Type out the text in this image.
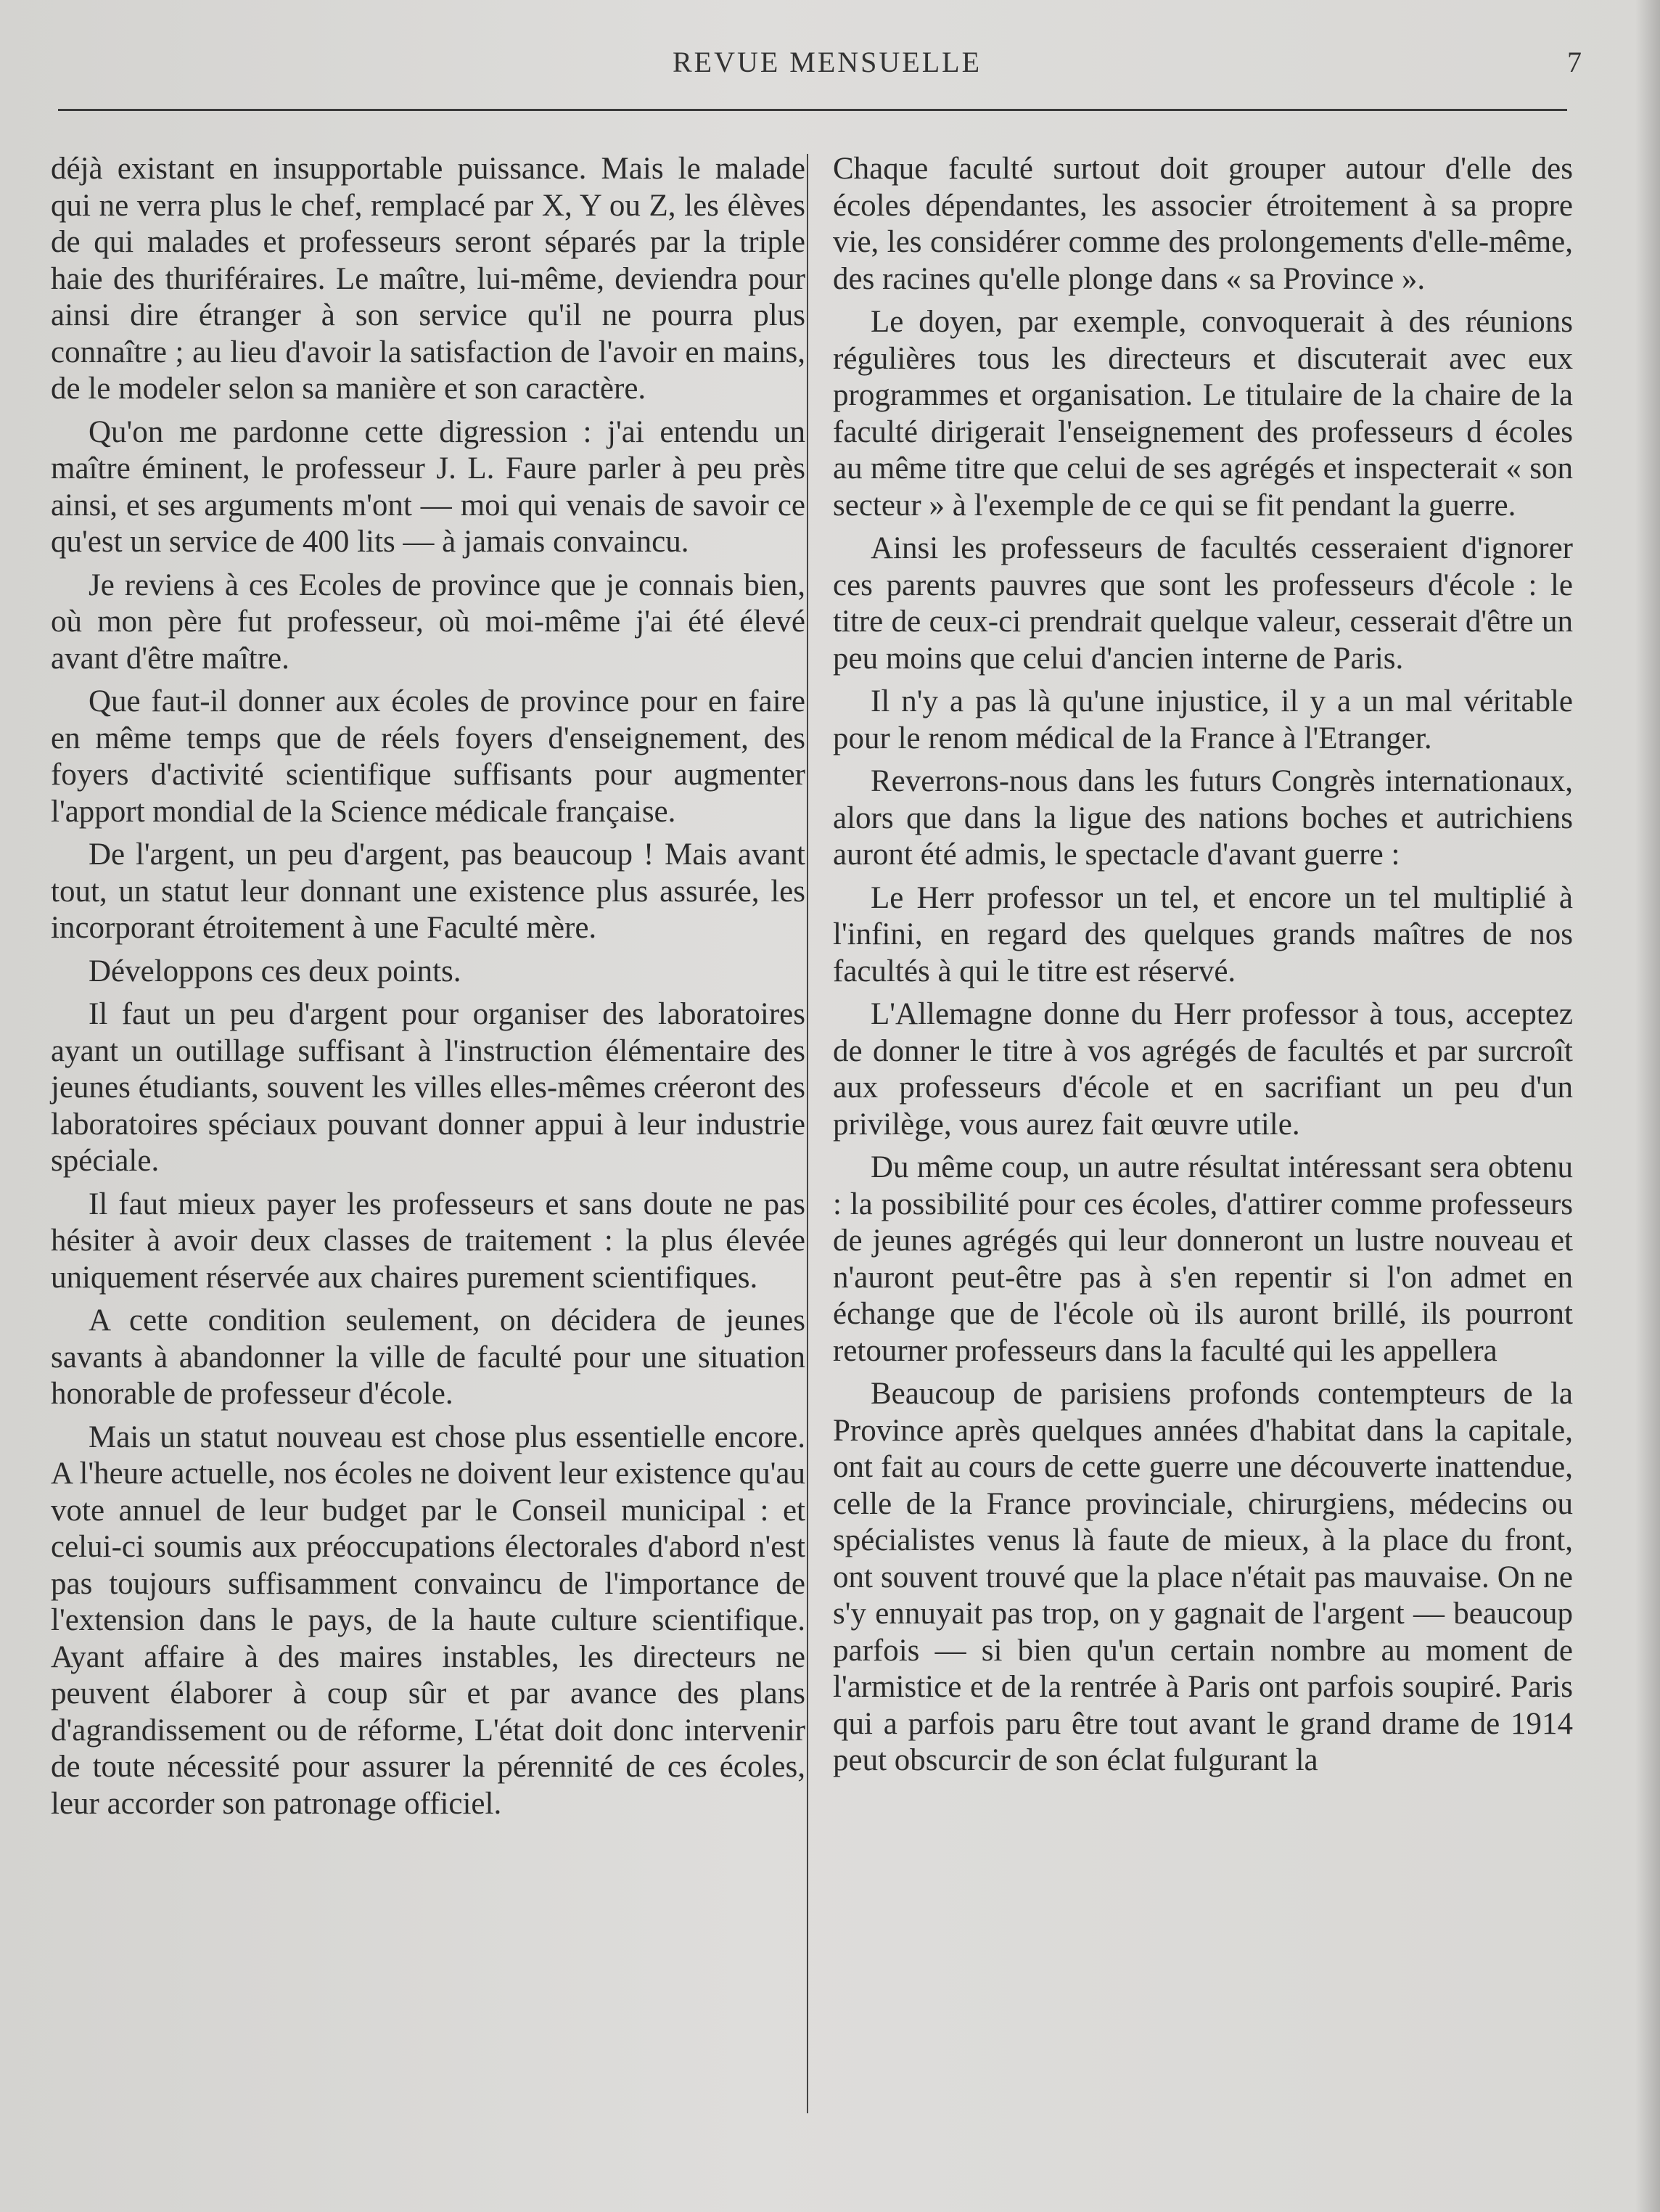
REVUE MENSUELLE	7

déjà existant en insupportable puissance. Mais le malade qui ne verra plus le chef, remplacé par X, Y ou Z, les élèves de qui malades et professeurs seront séparés par la triple haie des thuriféraires. Le maître, lui-même, deviendra pour ainsi dire étranger à son service qu'il ne pourra plus connaître ; au lieu d'avoir la satisfaction de l'avoir en mains, de le modeler selon sa manière et son caractère.

Qu'on me pardonne cette digression : j'ai entendu un maître éminent, le professeur J. L. Faure parler à peu près ainsi, et ses arguments m'ont — moi qui venais de savoir ce qu'est un service de 400 lits — à jamais convaincu.

Je reviens à ces Ecoles de province que je connais bien, où mon père fut professeur, où moi-même j'ai été élevé avant d'être maître.

Que faut-il donner aux écoles de province pour en faire en même temps que de réels foyers d'enseignement, des foyers d'activité scientifique suffisants pour augmenter l'apport mondial de la Science médicale française.

De l'argent, un peu d'argent, pas beaucoup ! Mais avant tout, un statut leur donnant une existence plus assurée, les incorporant étroitement à une Faculté mère.

Développons ces deux points.

Il faut un peu d'argent pour organiser des laboratoires ayant un outillage suffisant à l'instruction élémentaire des jeunes étudiants, souvent les villes elles-mêmes créeront des laboratoires spéciaux pouvant donner appui à leur industrie spéciale.

Il faut mieux payer les professeurs et sans doute ne pas hésiter à avoir deux classes de traitement : la plus élevée uniquement réservée aux chaires purement scientifiques.

A cette condition seulement, on décidera de jeunes savants à abandonner la ville de faculté pour une situation honorable de professeur d'école.

Mais un statut nouveau est chose plus essentielle encore. A l'heure actuelle, nos écoles ne doivent leur existence qu'au vote annuel de leur budget par le Conseil municipal : et celui-ci soumis aux préoccupations électorales d'abord n'est pas toujours suffisamment convaincu de l'importance de l'extension dans le pays, de la haute culture scientifique. Ayant affaire à des maires instables, les directeurs ne peuvent élaborer à coup sûr et par avance des plans d'agrandissement ou de réforme, L'état doit donc intervenir de toute nécessité pour assurer la pérennité de ces écoles, leur accorder son patronage officiel.

Chaque faculté surtout doit grouper autour d'elle des écoles dépendantes, les associer étroitement à sa propre vie, les considérer comme des prolongements d'elle-même, des racines qu'elle plonge dans « sa Province ».

Le doyen, par exemple, convoquerait à des réunions régulières tous les directeurs et discuterait avec eux programmes et organisation. Le titulaire de la chaire de la faculté dirigerait l'enseignement des professeurs d écoles au même titre que celui de ses agrégés et inspecterait « son secteur » à l'exemple de ce qui se fit pendant la guerre.

Ainsi les professeurs de facultés cesseraient d'ignorer ces parents pauvres que sont les professeurs d'école : le titre de ceux-ci prendrait quelque valeur, cesserait d'être un peu moins que celui d'ancien interne de Paris.

Il n'y a pas là qu'une injustice, il y a un mal véritable pour le renom médical de la France à l'Etranger.

Reverrons-nous dans les futurs Congrès internationaux, alors que dans la ligue des nations boches et autrichiens auront été admis, le spectacle d'avant guerre :

Le Herr professor un tel, et encore un tel multiplié à l'infini, en regard des quelques grands maîtres de nos facultés à qui le titre est réservé.

L'Allemagne donne du Herr professor à tous, acceptez de donner le titre à vos agrégés de facultés et par surcroît aux professeurs d'école et en sacrifiant un peu d'un privilège, vous aurez fait œuvre utile.

Du même coup, un autre résultat intéressant sera obtenu : la possibilité pour ces écoles, d'attirer comme professeurs de jeunes agrégés qui leur donneront un lustre nouveau et n'auront peut-être pas à s'en repentir si l'on admet en échange que de l'école où ils auront brillé, ils pourront retourner professeurs dans la faculté qui les appellera

Beaucoup de parisiens profonds contempteurs de la Province après quelques années d'habitat dans la capitale, ont fait au cours de cette guerre une découverte inattendue, celle de la France provinciale, chirurgiens, médecins ou spécialistes venus là faute de mieux, à la place du front, ont souvent trouvé que la place n'était pas mauvaise. On ne s'y ennuyait pas trop, on y gagnait de l'argent — beaucoup parfois — si bien qu'un certain nombre au moment de l'armistice et de la rentrée à Paris ont parfois soupiré. Paris qui a parfois paru être tout avant le grand drame de 1914 peut obscurcir de son éclat fulgurant la
